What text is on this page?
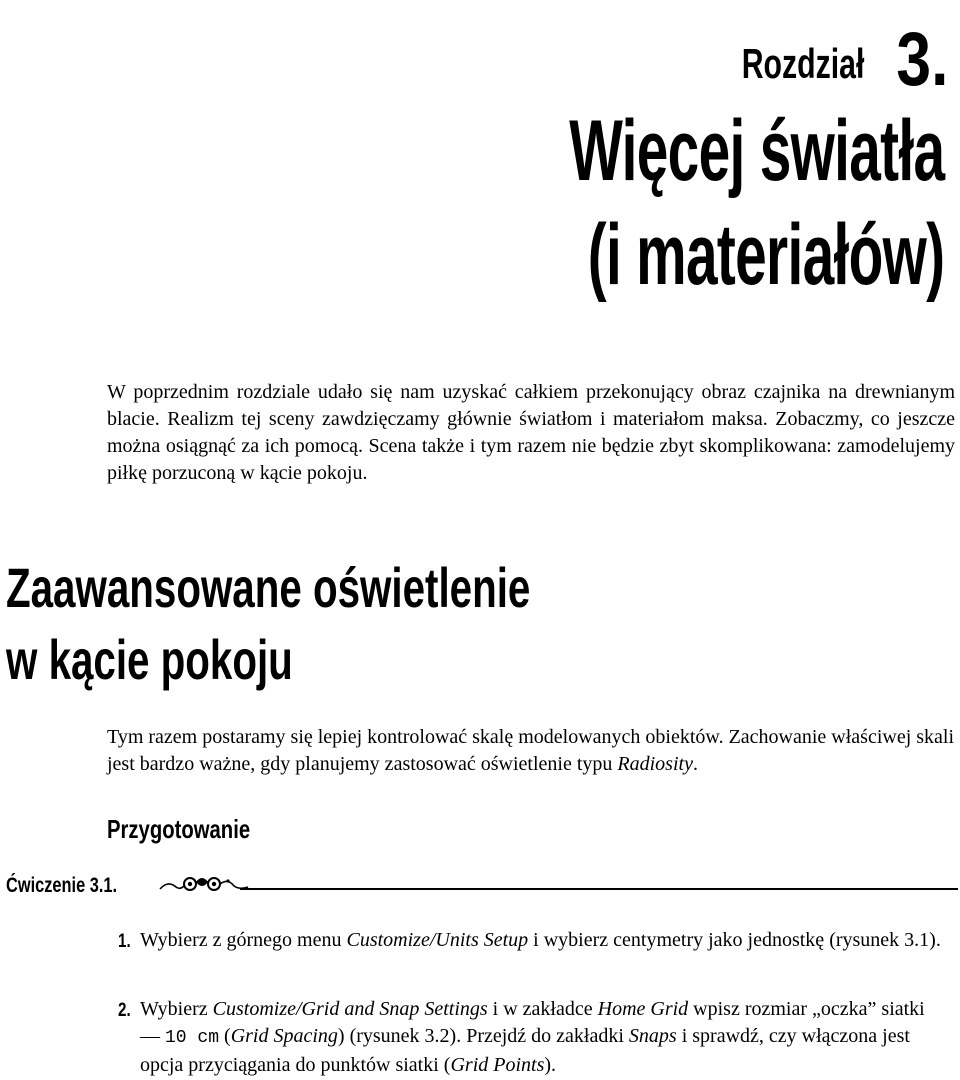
Rozdział 3.
Więcej światła
(i materiałów)

W poprzednim rozdziale udało się nam uzyskać całkiem przekonujący obraz czajnika na drewnianym blacie. Realizm tej sceny zawdzięczamy głównie światłom i materiałom maksa. Zobaczmy, co jeszcze można osiągnąć za ich pomocą. Scena także i tym razem nie będzie zbyt skomplikowana: zamodelujemy piłkę porzuconą w kącie pokoju.

Zaawansowane oświetlenie
w kącie pokoju

Tym razem postaramy się lepiej kontrolować skalę modelowanych obiektów. Zachowanie właściwej skali jest bardzo ważne, gdy planujemy zastosować oświetlenie typu Radiosity.

Przygotowanie
Ćwiczenie 3.1.
1. Wybierz z górnego menu Customize/Units Setup i wybierz centymetry jako jednostkę (rysunek 3.1).
2. Wybierz Customize/Grid and Snap Settings i w zakładce Home Grid wpisz rozmiar „oczka” siatki — 10 cm (Grid Spacing) (rysunek 3.2). Przejdź do zakładki Snaps i sprawdź, czy włączona jest opcja przyciągania do punktów siatki (Grid Points).
